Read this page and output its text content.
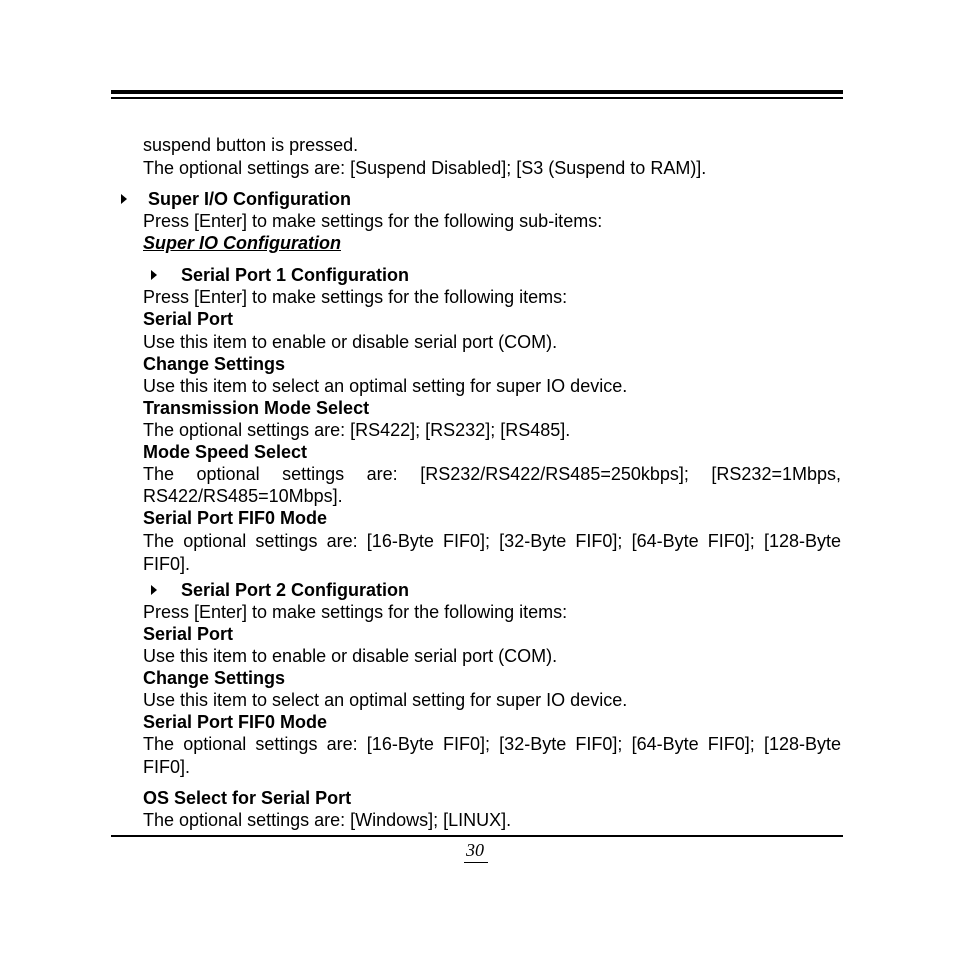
suspend button is pressed.
The optional settings are: [Suspend Disabled]; [S3 (Suspend to RAM)].
Super I/O Configuration
Press [Enter] to make settings for the following sub-items:
Super IO Configuration
Serial Port 1 Configuration
Press [Enter] to make settings for the following items:
Serial Port
Use this item to enable or disable serial port (COM).
Change Settings
Use this item to select an optimal setting for super IO device.
Transmission Mode Select
The optional settings are: [RS422]; [RS232]; [RS485].
Mode Speed Select
The optional settings are: [RS232/RS422/RS485=250kbps]; [RS232=1Mbps,
RS422/RS485=10Mbps].
Serial Port FIF0 Mode
The optional settings are: [16-Byte FIF0]; [32-Byte FIF0]; [64-Byte FIF0]; [128-Byte
FIF0].
Serial Port 2 Configuration
Press [Enter] to make settings for the following items:
Serial Port
Use this item to enable or disable serial port (COM).
Change Settings
Use this item to select an optimal setting for super IO device.
Serial Port FIF0 Mode
The optional settings are: [16-Byte FIF0]; [32-Byte FIF0]; [64-Byte FIF0]; [128-Byte
FIF0].
OS Select for Serial Port
The optional settings are: [Windows]; [LINUX].
30
